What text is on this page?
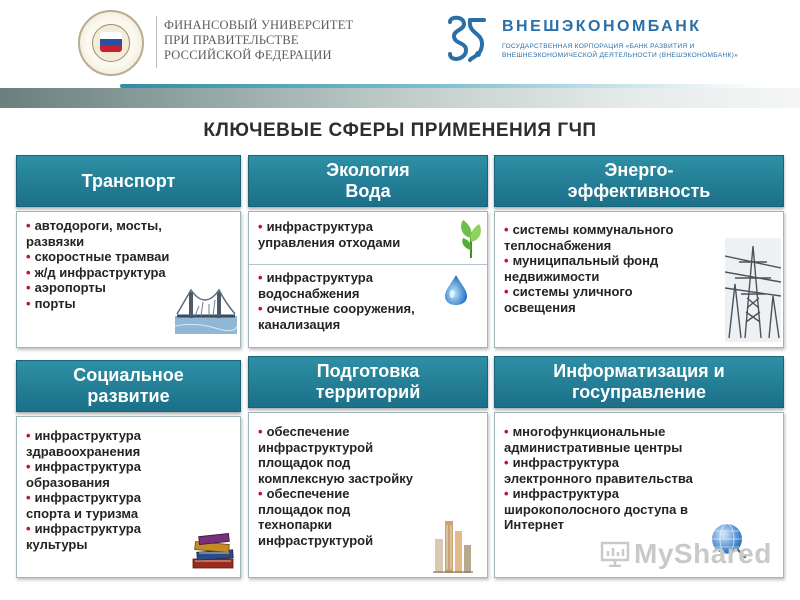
ФИНАНСОВЫЙ УНИВЕРСИТЕТ
ПРИ ПРАВИТЕЛЬСТВЕ
РОССИЙСКОЙ ФЕДЕРАЦИИ
ВНЕШЭКОНОМБАНК
ГОСУДАРСТВЕННАЯ КОРПОРАЦИЯ «БАНК РАЗВИТИЯ И
ВНЕШНЕЭКОНОМИЧЕСКОЙ ДЕЯТЕЛЬНОСТИ (ВНЕШЭКОНОМБАНК)»
КЛЮЧЕВЫЕ СФЕРЫ ПРИМЕНЕНИЯ ГЧП
Транспорт
• автодороги, мосты,
развязки
• скоростные трамваи
• ж/д инфраструктура
• аэропорты
• порты
Экология
Вода
• инфраструктура
управления отходами
• инфраструктура
водоснабжения
• очистные сооружения,
канализация
Энерго-
эффективность
• системы коммунального
теплоснабжения
• муниципальный фонд
недвижимости
• системы уличного
освещения
Социальное
развитие
• инфраструктура
здравоохранения
• инфраструктура
образования
• инфраструктура
спорта и туризма
• инфраструктура
культуры
Подготовка
территорий
• обеспечение
инфраструктурой
площадок под
комплексную застройку
• обеспечение
площадок под
технопарки
инфраструктурой
Информатизация и
госуправление
• многофункциональные
административные центры
• инфраструктура
электронного правительства
• инфраструктура
широкополосного доступа в
Интернет
MyShared
